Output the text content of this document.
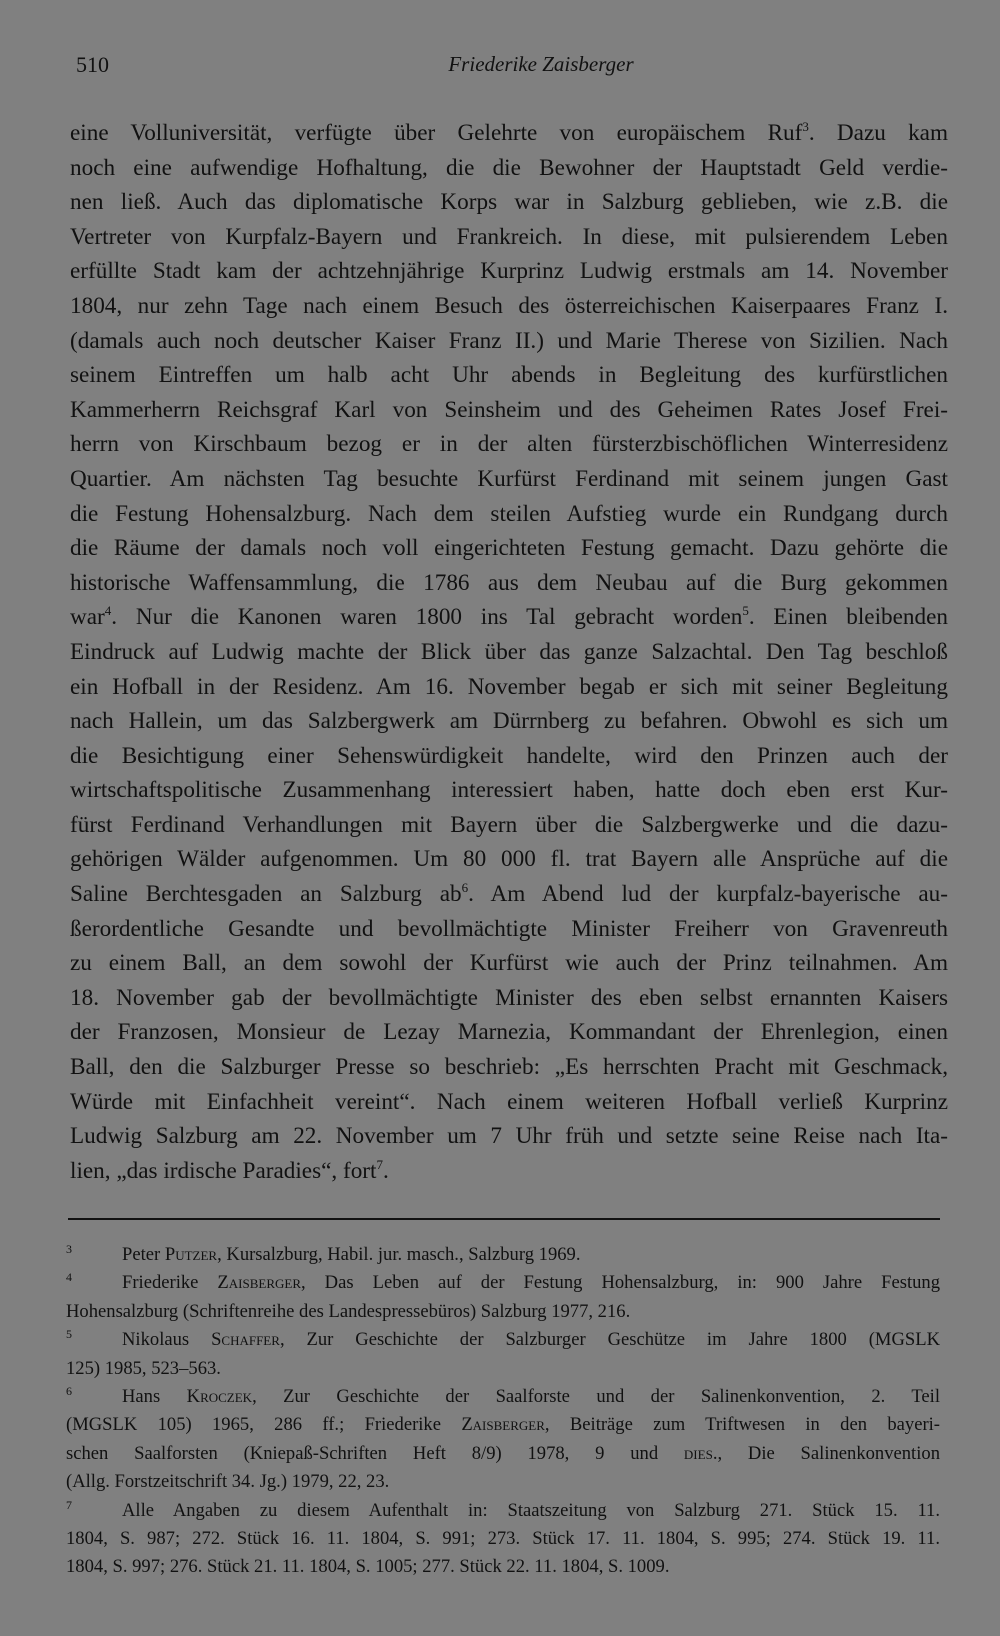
510	Friederike Zaisberger
eine Volluniversität, verfügte über Gelehrte von europäischem Ruf$^3$. Dazu kam
noch eine aufwendige Hofhaltung, die die Bewohner der Hauptstadt Geld verdie-
nen ließ. Auch das diplomatische Korps war in Salzburg geblieben, wie z.B. die
Vertreter von Kurpfalz-Bayern und Frankreich. In diese, mit pulsierendem Leben
erfüllte Stadt kam der achtzehnjährige Kurprinz Ludwig erstmals am 14. November
1804, nur zehn Tage nach einem Besuch des österreichischen Kaiserpaares Franz I.
(damals auch noch deutscher Kaiser Franz II.) und Marie Therese von Sizilien. Nach
seinem Eintreffen um halb acht Uhr abends in Begleitung des kurfürstlichen
Kammerherrn Reichsgraf Karl von Seinsheim und des Geheimen Rates Josef Frei-
herrn von Kirschbaum bezog er in der alten fürsterzbischöflichen Winterresidenz
Quartier. Am nächsten Tag besuchte Kurfürst Ferdinand mit seinem jungen Gast
die Festung Hohensalzburg. Nach dem steilen Aufstieg wurde ein Rundgang durch
die Räume der damals noch voll eingerichteten Festung gemacht. Dazu gehörte die
historische Waffensammlung, die 1786 aus dem Neubau auf die Burg gekommen
war$^4$. Nur die Kanonen waren 1800 ins Tal gebracht worden$^5$. Einen bleibenden
Eindruck auf Ludwig machte der Blick über das ganze Salzachtal. Den Tag beschloß
ein Hofball in der Residenz. Am 16. November begab er sich mit seiner Begleitung
nach Hallein, um das Salzbergwerk am Dürrnberg zu befahren. Obwohl es sich um
die Besichtigung einer Sehenswürdigkeit handelte, wird den Prinzen auch der
wirtschaftspolitische Zusammenhang interessiert haben, hatte doch eben erst Kur-
fürst Ferdinand Verhandlungen mit Bayern über die Salzbergwerke und die dazu-
gehörigen Wälder aufgenommen. Um 80 000 fl. trat Bayern alle Ansprüche auf die
Saline Berchtesgaden an Salzburg $ab^6$. Am Abend lud der kurpfalz-bayerische au-
ßerordentliche Gesandte und bevollmächtigte Minister Freiherr von Gravenreuth
zu einem Ball, an dem sowohl der Kurfürst wie auch der Prinz teilnahmen. Am
18. November gab der bevollmächtigte Minister des eben selbst ernannten Kaisers
der Franzosen, Monsieur de Lezay Marnezia, Kommandant der Ehrenlegion, einen
Ball, den die Salzburger Presse so beschrieb: „Es herrschten Pracht mit Geschmack,
Würde mit Einfachheit vereint“. Nach einem weiteren Hofball verließ Kurprinz
Ludwig Salzburg am 22. November um 7 Uhr früh und setzte seine Reise nach Ita-
lien, „das irdische Paradies“, fort$^7$.
$^3$	Peter Putzer, Kursalzburg, Habil. jur. masch., Salzburg 1969.
$^4$	Friederike Zaisberger, Das Leben auf der Festung Hohensalzburg, in: 900 Jahre Festung
Hohensalzburg (Schriftenreihe des Landespressebüros) Salzburg 1977, 216.
$^5$	Nikolaus Schaffer, Zur Geschichte der Salzburger Geschütze im Jahre 1800 (MGSLK
125) 1985, 523–563.
$^6$	Hans Kroczek, Zur Geschichte der Saalforste und der Salinenkonvention, 2. Teil
(MGSLK 105) 1965, 286 ff.; Friederike Zaisberger, Beiträge zum Triftwesen in den bayeri-
schen Saalforsten (Kniepaß-Schriften Heft 8/9) 1978, 9 und dies., Die Salinenkonvention
(Allg. Forstzeitschrift 34. Jg.) 1979, 22, 23.
$^7$	Alle Angaben zu diesem Aufenthalt in: Staatszeitung von Salzburg 271. Stück 15. 11.
1804, S. 987; 272. Stück 16. 11. 1804, S. 991; 273. Stück 17. 11. 1804, S. 995; 274. Stück 19. 11.
1804, S. 997; 276. Stück 21. 11. 1804, S. 1005; 277. Stück 22. 11. 1804, S. 1009.
